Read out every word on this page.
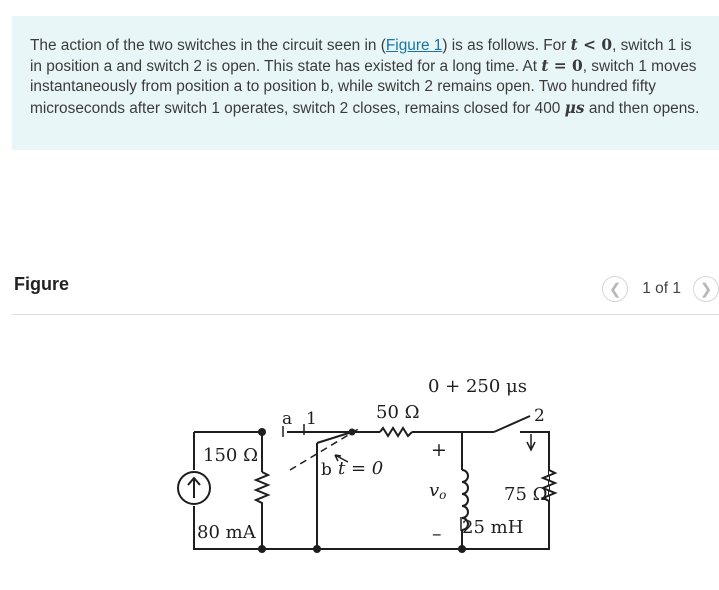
The action of the two switches in the circuit seen in (Figure 1) is as follows. For t < 0, switch 1 is in position a and switch 2 is open. This state has existed for a long time. At t = 0, switch 1 moves instantaneously from position a to position b, while switch 2 remains open. Two hundred fifty microseconds after switch 1 operates, switch 2 closes, remains closed for 400 μs and then opens.
Figure	❮	1 of 1	❯
150 Ω
80 mA
50 Ω
0 + 250 μs
t = 0
a
b
1	2
+
–
vo	75 Ω
25 mH
